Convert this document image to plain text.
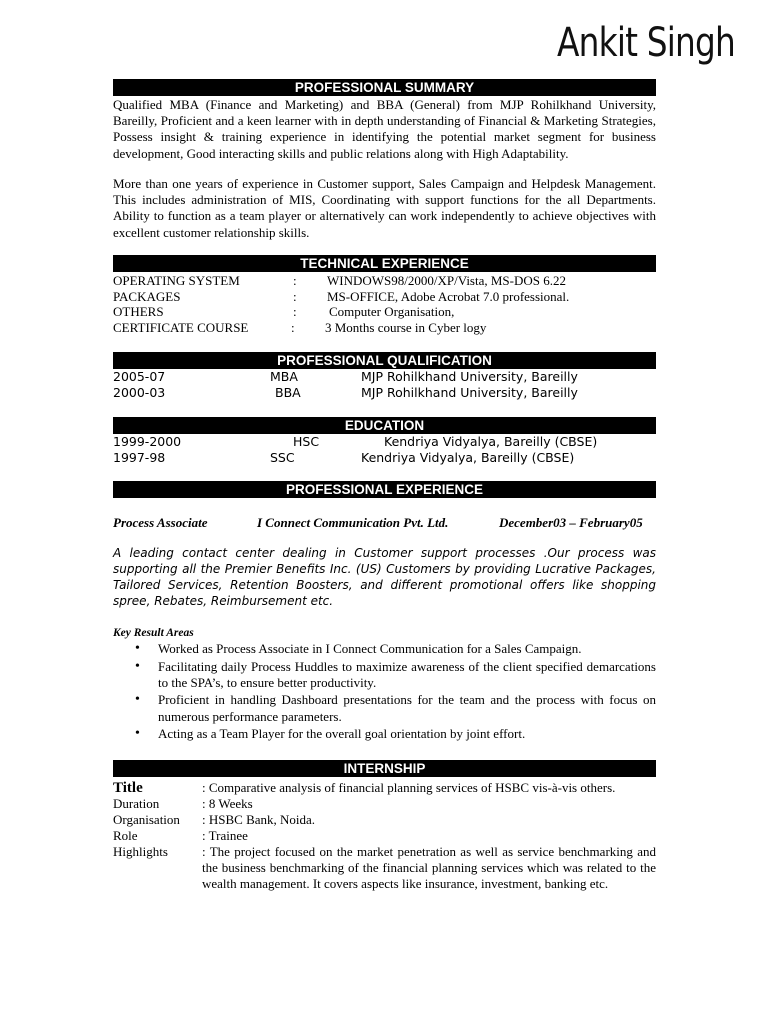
Ankit Singh
PROFESSIONAL SUMMARY

Qualified MBA (Finance and Marketing) and BBA (General) from MJP Rohilkhand University, Bareilly, Proficient and a keen learner with in depth understanding of Financial & Marketing Strategies, Possess insight & training experience in identifying the potential market segment for business development, Good interacting skills and public relations along with High Adaptability.

More than one years of experience in Customer support, Sales Campaign and Helpdesk Management. This includes administration of MIS, Coordinating with support functions for the all Departments. Ability to function as a team player or alternatively can work independently to achieve objectives with excellent customer relationship skills.

TECHNICAL EXPERIENCE
OPERATING SYSTEM	: WINDOWS98/2000/XP/Vista, MS-DOS 6.22
PACKAGES	: MS-OFFICE, Adobe Acrobat 7.0 professional.
OTHERS	: Computer Organisation,
CERTIFICATE COURSE	: 3 Months course in Cyber logy
PROFESSIONAL QUALIFICATION
2005-07	MBA	MJP Rohilkhand University, Bareilly
2000-03	BBA	MJP Rohilkhand University, Bareilly
EDUCATION
1999-2000	HSC	Kendriya Vidyalya, Bareilly (CBSE)
1997-98	SSC	Kendriya Vidyalya, Bareilly (CBSE)
PROFESSIONAL EXPERIENCE
Process Associate	I Connect Communication Pvt. Ltd.	December03 – February05

A leading contact center dealing in Customer support processes .Our process was supporting all the Premier Benefits Inc. (US) Customers by providing Lucrative Packages, Tailored Services, Retention Boosters, and different promotional offers like shopping spree, Rebates, Reimbursement etc.

Key Result Areas
• Worked as Process Associate in I Connect Communication for a Sales Campaign.
• Facilitating daily Process Huddles to maximize awareness of the client specified demarcations to the SPA’s, to ensure better productivity.
• Proficient in handling Dashboard presentations for the team and the process with focus on numerous performance parameters.
• Acting as a Team Player for the overall goal orientation by joint effort.
INTERNSHIP
Title	: Comparative analysis of financial planning services of HSBC vis-à-vis others.
Duration	: 8 Weeks
Organisation : HSBC Bank, Noida.
Role	: Trainee
Highlights	: The project focused on the market penetration as well as service benchmarking and the business benchmarking of the financial planning services which was related to the wealth management. It covers aspects like insurance, investment, banking etc.
